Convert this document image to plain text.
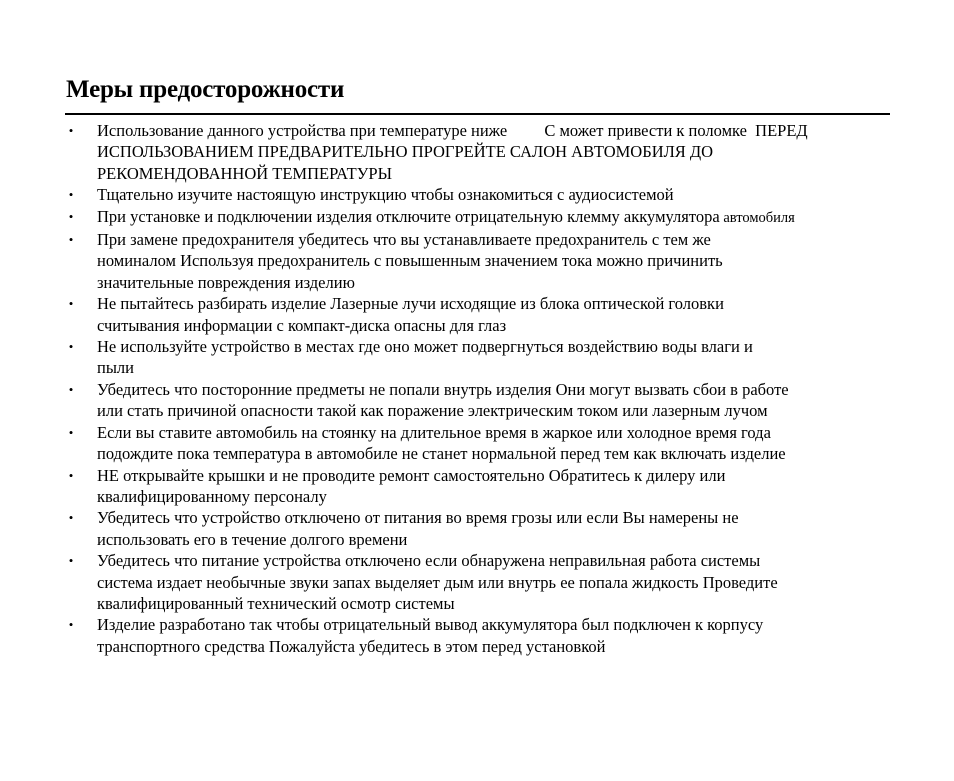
Меры предосторожности
• Использование данного устройства при температуре ниже         С может привести к поломке  ПЕРЕД
ИСПОЛЬЗОВАНИЕМ ПРЕДВАРИТЕЛЬНО ПРОГРЕЙТЕ САЛОН АВТОМОБИЛЯ ДО
РЕКОМЕНДОВАННОЙ ТЕМПЕРАТУРЫ
• Тщательно изучите настоящую инструкцию чтобы ознакомиться с аудиосистемой
• При установке и подключении изделия отключите отрицательную клемму аккумулятора автомобиля
• При замене предохранителя убедитесь что вы устанавливаете предохранитель с тем же
номиналом Используя предохранитель с повышенным значением тока можно причинить
значительные повреждения изделию
• Не пытайтесь разбирать изделие Лазерные лучи исходящие из блока оптической головки
считывания информации с компакт-диска опасны для глаз
• Не используйте устройство в местах где оно может подвергнуться воздействию воды влаги и
пыли
• Убедитесь что посторонние предметы не попали внутрь изделия Они могут вызвать сбои в работе
или стать причиной опасности такой как поражение электрическим током или лазерным лучом
• Если вы ставите автомобиль на стоянку на длительное время в жаркое или холодное время года
подождите пока температура в автомобиле не станет нормальной перед тем как включать изделие
• НЕ открывайте крышки и не проводите ремонт самостоятельно Обратитесь к дилеру или
квалифицированному персоналу
• Убедитесь что устройство отключено от питания во время грозы или если Вы намерены не
использовать его в течение долгого времени
• Убедитесь что питание устройства отключено если обнаружена неправильная работа системы
система издает необычные звуки запах выделяет дым или внутрь ее попала жидкость Проведите
квалифицированный технический осмотр системы
• Изделие разработано так чтобы отрицательный вывод аккумулятора был подключен к корпусу
транспортного средства Пожалуйста убедитесь в этом перед установкой
